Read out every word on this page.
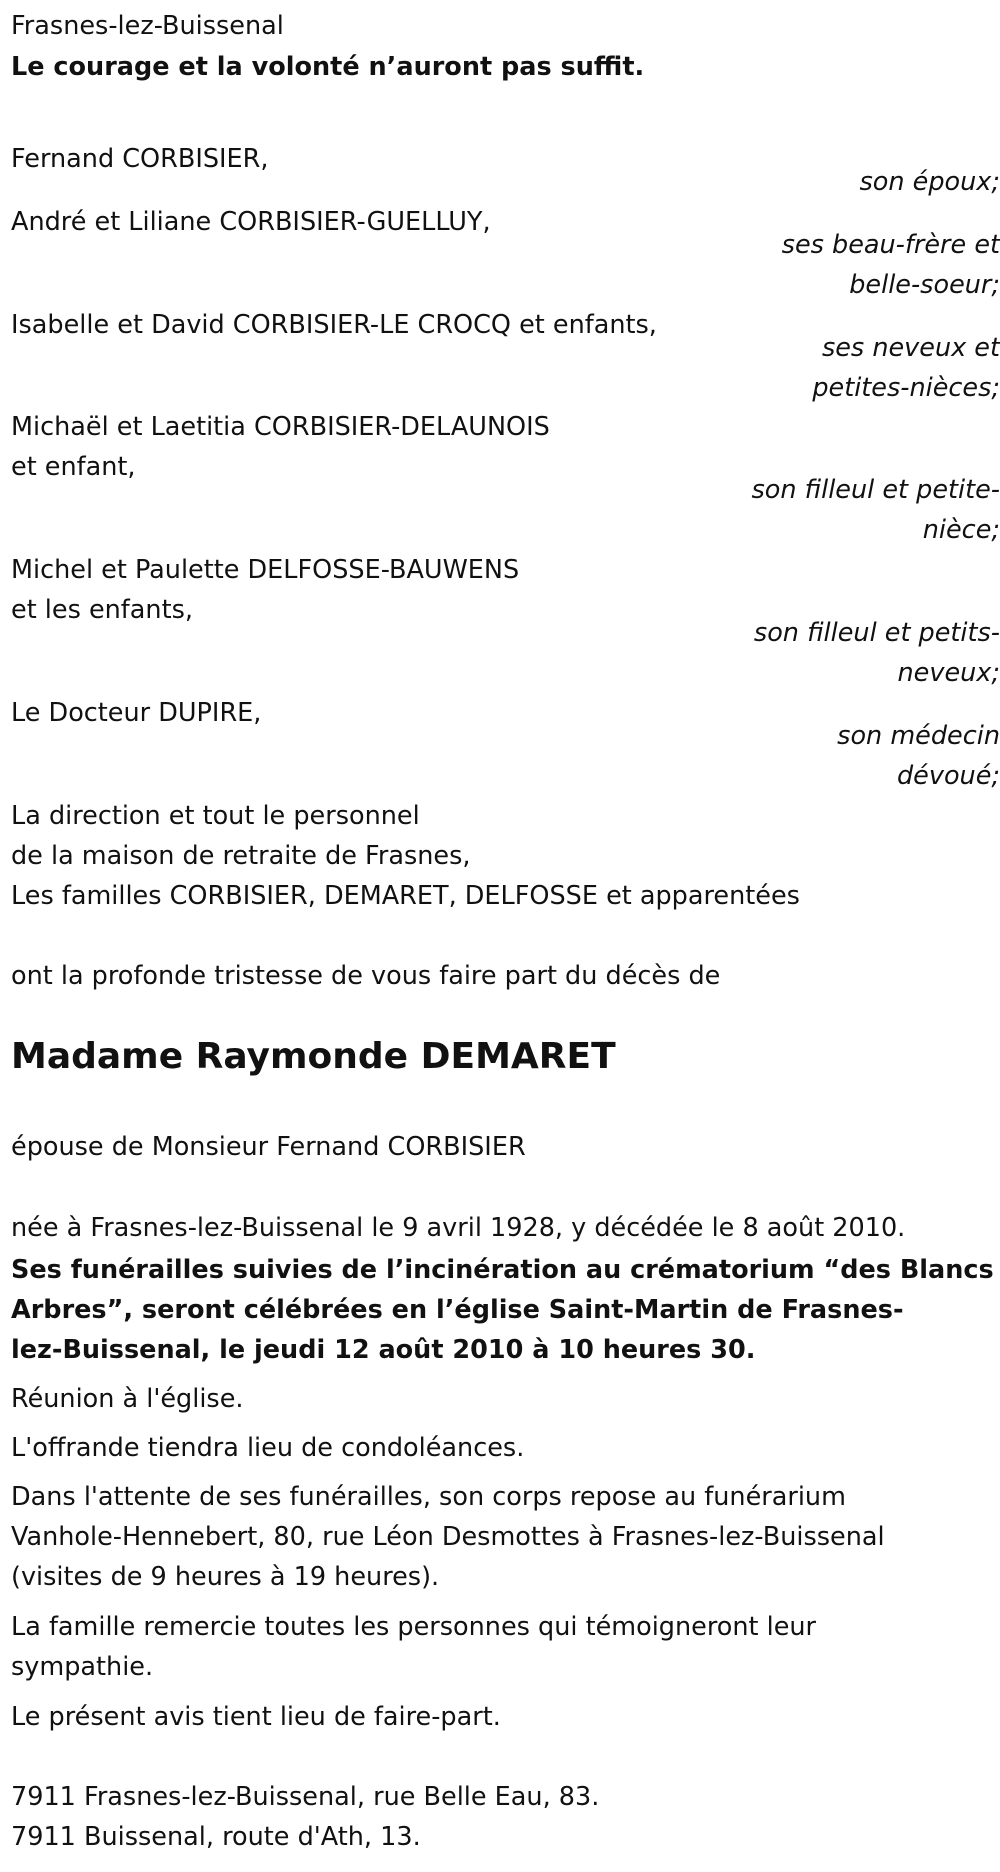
Frasnes-lez-Buissenal
Le courage et la volonté n’auront pas suffit.
Fernand CORBISIER,
son époux;
André et Liliane CORBISIER-GUELLUY,
ses beau-frère et
belle-soeur;
Isabelle et David CORBISIER-LE CROCQ et enfants,
ses neveux et
petites-nièces;
Michaël et Laetitia CORBISIER-DELAUNOIS
et enfant,
son filleul et petite-
nièce;
Michel et Paulette DELFOSSE-BAUWENS
et les enfants,
son filleul et petits-
neveux;
Le Docteur DUPIRE,
son médecin
dévoué;
La direction et tout le personnel
de la maison de retraite de Frasnes,
Les familles CORBISIER, DEMARET, DELFOSSE et apparentées
ont la profonde tristesse de vous faire part du décès de
Madame Raymonde DEMARET
épouse de Monsieur Fernand CORBISIER
née à Frasnes-lez-Buissenal le 9 avril 1928, y décédée le 8 août 2010.
Ses funérailles suivies de l’incinération au crématorium “des Blancs
Arbres”, seront célébrées en l’église Saint-Martin de Frasnes-
lez-Buissenal, le jeudi 12 août 2010 à 10 heures 30.
Réunion à l'église.
L'offrande tiendra lieu de condoléances.
Dans l'attente de ses funérailles, son corps repose au funérarium
Vanhole-Hennebert, 80, rue Léon Desmottes à Frasnes-lez-Buissenal
(visites de 9 heures à 19 heures).
La famille remercie toutes les personnes qui témoigneront leur
sympathie.
Le présent avis tient lieu de faire-part.
7911 Frasnes-lez-Buissenal, rue Belle Eau, 83.
7911 Buissenal, route d'Ath, 13.
